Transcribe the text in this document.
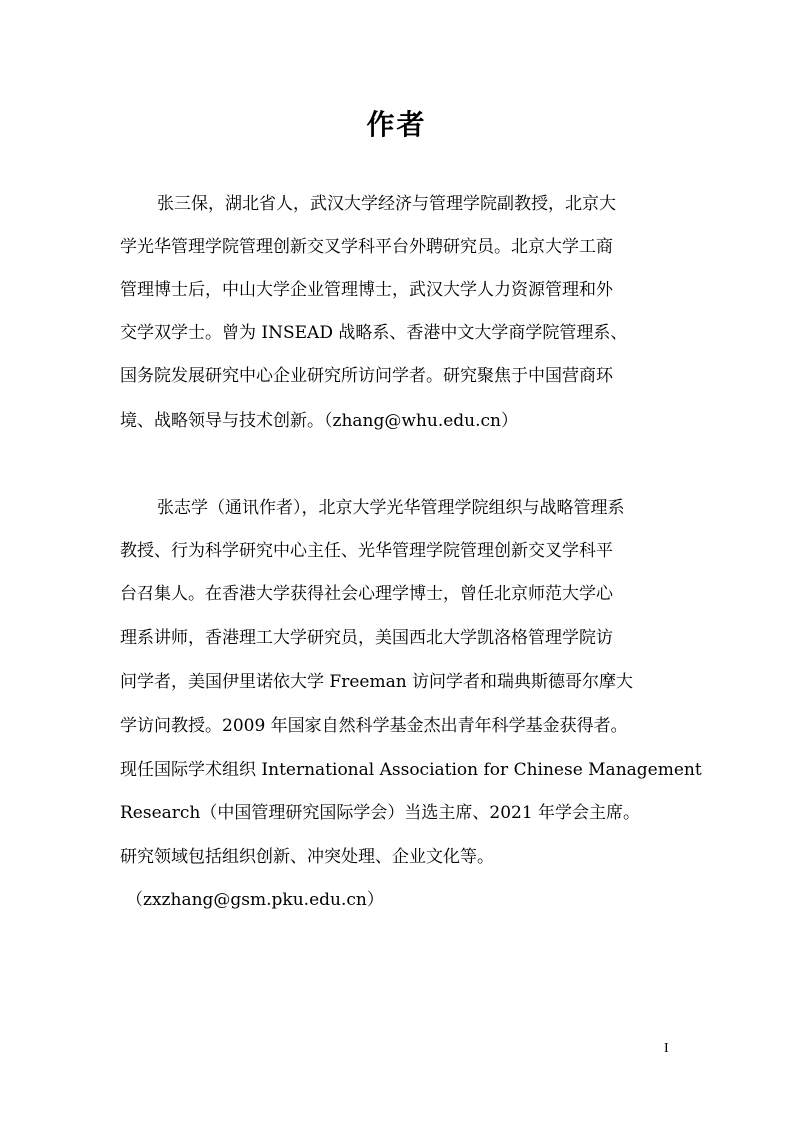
作者
张三保，湖北省人，武汉大学经济与管理学院副教授，北京大
学光华管理学院管理创新交叉学科平台外聘研究员。北京大学工商
管理博士后，中山大学企业管理博士，武汉大学人力资源管理和外
交学双学士。曾为 INSEAD 战略系、香港中文大学商学院管理系、
国务院发展研究中心企业研究所访问学者。研究聚焦于中国营商环
境、战略领导与技术创新。（zhang@whu.edu.cn）
张志学（通讯作者），北京大学光华管理学院组织与战略管理系
教授、行为科学研究中心主任、光华管理学院管理创新交叉学科平
台召集人。在香港大学获得社会心理学博士，曾任北京师范大学心
理系讲师，香港理工大学研究员，美国西北大学凯洛格管理学院访
问学者，美国伊里诺依大学 Freeman 访问学者和瑞典斯德哥尔摩大
学访问教授。2009 年国家自然科学基金杰出青年科学基金获得者。
现任国际学术组织 International Association for Chinese Management
Research（中国管理研究国际学会）当选主席、2021 年学会主席。
研究领域包括组织创新、冲突处理、企业文化等。
（zxzhang@gsm.pku.edu.cn）
I
